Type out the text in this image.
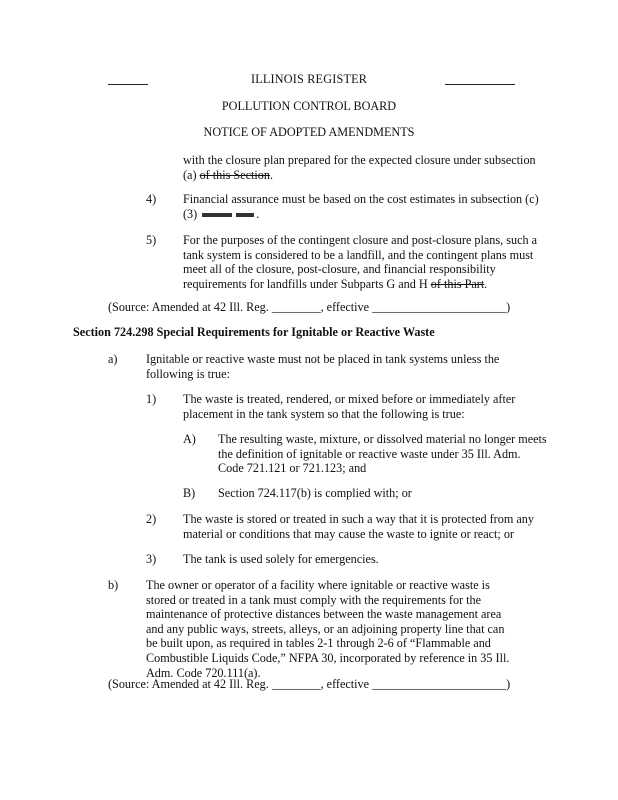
ILLINOIS REGISTER
POLLUTION CONTROL BOARD
NOTICE OF ADOPTED AMENDMENTS
with the closure plan prepared for the expected closure under subsection (a) of this Section.
4) Financial assurance must be based on the cost estimates in subsection (c)(3)	.
5) For the purposes of the contingent closure and post-closure plans, such a tank system is considered to be a landfill, and the contingent plans must meet all of the closure, post-closure, and financial responsibility requirements for landfills under Subparts G and H of this Part.
(Source: Amended at 42 Ill. Reg. ________, effective ______________________)
Section 724.298 Special Requirements for Ignitable or Reactive Waste
a) Ignitable or reactive waste must not be placed in tank systems unless the following is true:
1) The waste is treated, rendered, or mixed before or immediately after placement in the tank system so that the following is true:
A) The resulting waste, mixture, or dissolved material no longer meets the definition of ignitable or reactive waste under 35 Ill. Adm. Code 721.121 or 721.123; and
B) Section 724.117(b) is complied with; or
2) The waste is stored or treated in such a way that it is protected from any material or conditions that may cause the waste to ignite or react; or
3) The tank is used solely for emergencies.
b) The owner or operator of a facility where ignitable or reactive waste is stored or treated in a tank must comply with the requirements for the maintenance of protective distances between the waste management area and any public ways, streets, alleys, or an adjoining property line that can be built upon, as required in tables 2-1 through 2-6 of “Flammable and Combustible Liquids Code,” NFPA 30, incorporated by reference in 35 Ill. Adm. Code 720.111(a).
(Source: Amended at 42 Ill. Reg. ________, effective ______________________)
